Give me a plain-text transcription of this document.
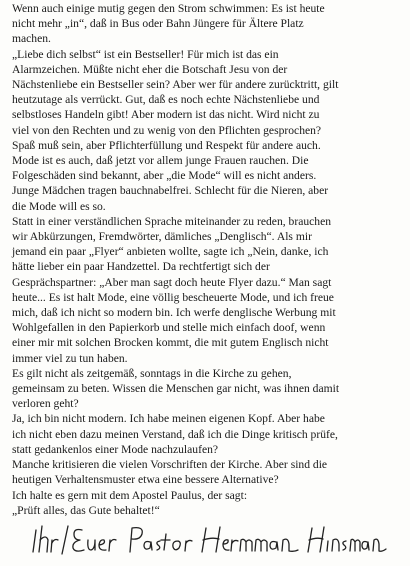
Wenn auch einige mutig gegen den Strom schwimmen: Es ist heute
nicht mehr „in“, daß in Bus oder Bahn Jüngere für Ältere Platz
machen.

„Liebe dich selbst“ ist ein Bestseller! Für mich ist das ein
Alarmzeichen. Müßte nicht eher die Botschaft Jesu von der
Nächstenliebe ein Bestseller sein? Aber wer für andere zurücktritt, gilt
heutzutage als verrückt. Gut, daß es noch echte Nächstenliebe und
selbstloses Handeln gibt! Aber modern ist das nicht. Wird nicht zu
viel von den Rechten und zu wenig von den Pflichten gesprochen?
Spaß muß sein, aber Pflichterfüllung und Respekt für andere auch.
Mode ist es auch, daß jetzt vor allem junge Frauen rauchen. Die
Folgeschäden sind bekannt, aber „die Mode“ will es nicht anders.
Junge Mädchen tragen bauchnabelfrei. Schlecht für die Nieren, aber
die Mode will es so.

Statt in einer verständlichen Sprache miteinander zu reden, brauchen
wir Abkürzungen, Fremdwörter, dämliches „Denglisch“. Als mir
jemand ein paar „Flyer“ anbieten wollte, sagte ich „Nein, danke, ich
hätte lieber ein paar Handzettel. Da rechtfertigt sich der
Gesprächspartner: „Aber man sagt doch heute Flyer dazu.“ Man sagt
heute... Es ist halt Mode, eine völlig bescheuerte Mode, und ich freue
mich, daß ich nicht so modern bin. Ich werfe denglische Werbung mit
Wohlgefallen in den Papierkorb und stelle mich einfach doof, wenn
einer mir mit solchen Brocken kommt, die mit gutem Englisch nicht
immer viel zu tun haben.

Es gilt nicht als zeitgemäß, sonntags in die Kirche zu gehen,
gemeinsam zu beten. Wissen die Menschen gar nicht, was ihnen damit
verloren geht?

Ja, ich bin nicht modern. Ich habe meinen eigenen Kopf. Aber habe
ich nicht eben dazu meinen Verstand, daß ich die Dinge kritisch prüfe,
statt gedankenlos einer Mode nachzulaufen?

Manche kritisieren die vielen Vorschriften der Kirche. Aber sind die
heutigen Verhaltensmuster etwa eine bessere Alternative?

Ich halte es gern mit dem Apostel Paulus, der sagt:
„Prüft alles, das Gute behaltet!“
